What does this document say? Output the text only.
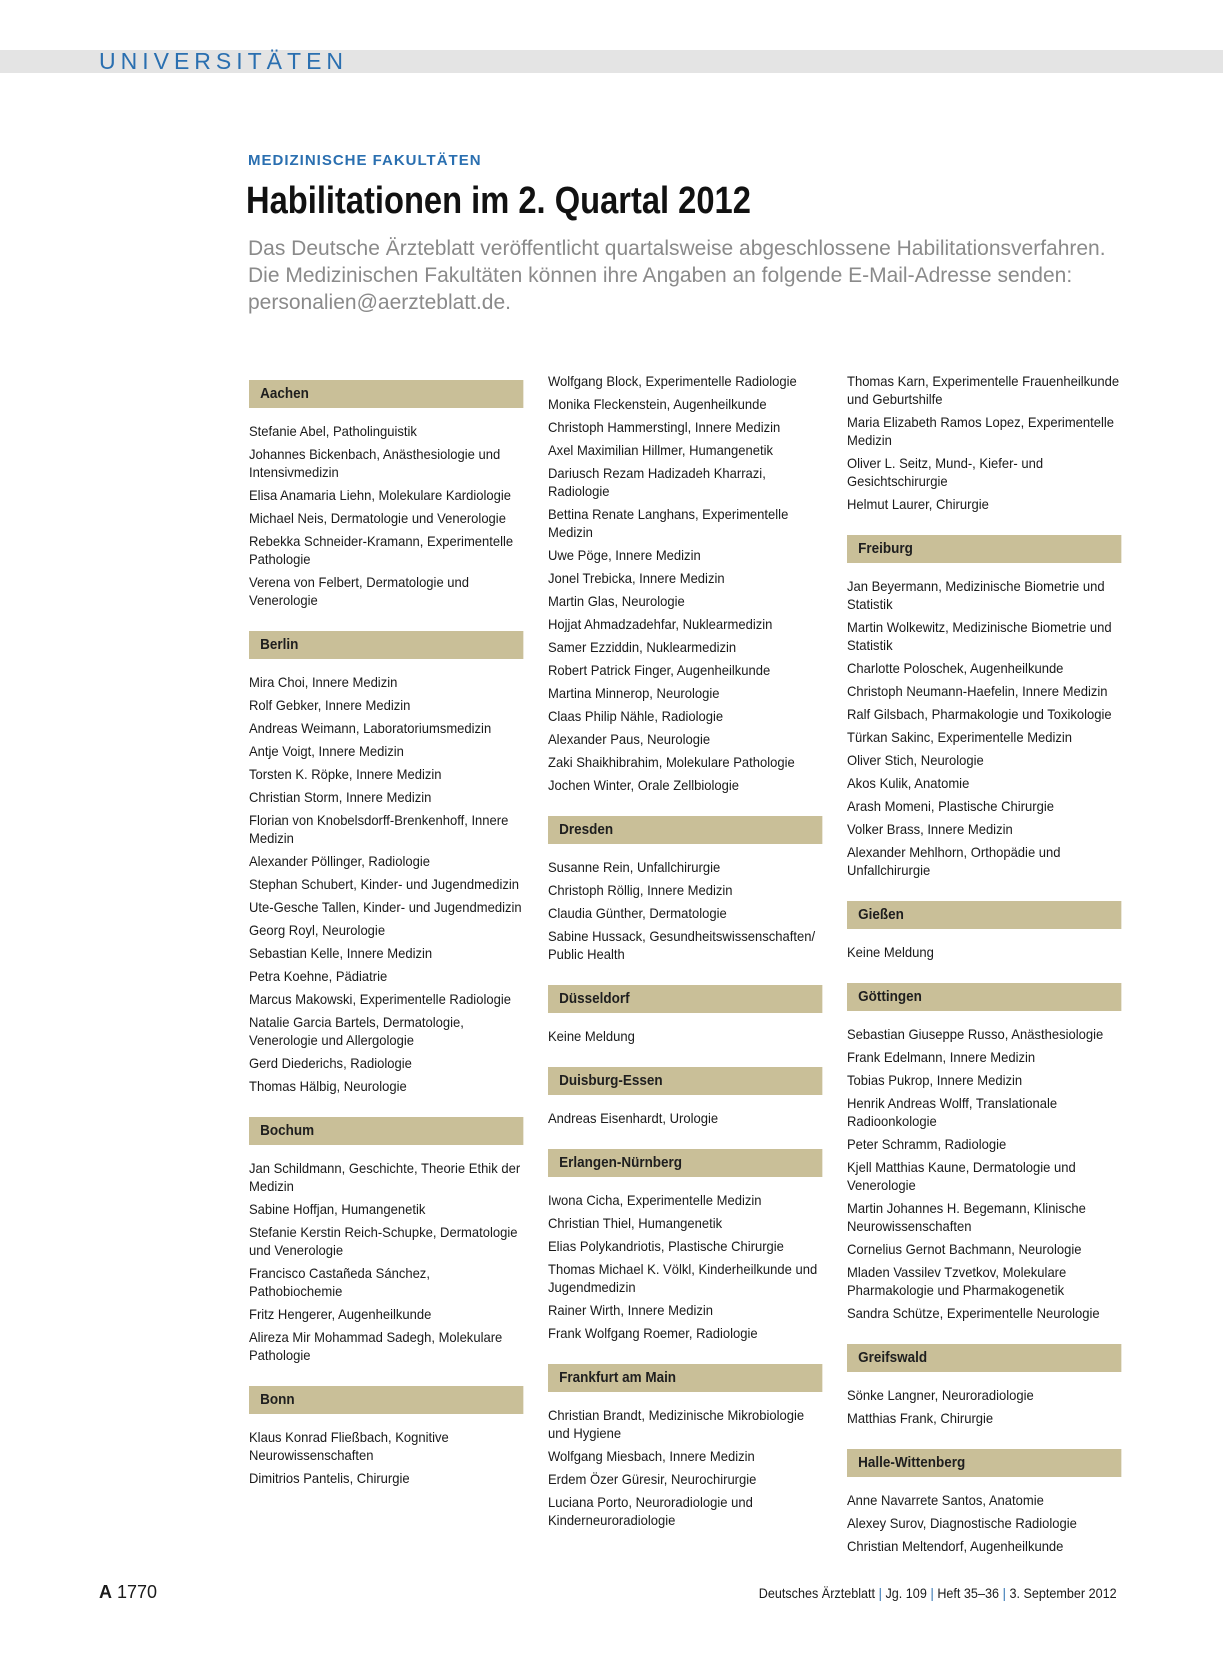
UNIVERSITÄTEN
MEDIZINISCHE FAKULTÄTEN
Habilitationen im 2. Quartal 2012
Das Deutsche Ärzteblatt veröffentlicht quartalsweise abgeschlossene Habilitationsverfahren. Die Medizinischen Fakultäten können ihre Angaben an folgende E-Mail-Adresse senden: personalien@aerzteblatt.de.
Aachen
Stefanie Abel, Patholinguistik
Johannes Bickenbach, Anästhesiologie und Intensivmedizin
Elisa Anamaria Liehn, Molekulare Kardiologie
Michael Neis, Dermatologie und Venerologie
Rebekka Schneider-Kramann, Experimentelle Pathologie
Verena von Felbert, Dermatologie und Venerologie
Berlin
Mira Choi, Innere Medizin
Rolf Gebker, Innere Medizin
Andreas Weimann, Laboratoriumsmedizin
Antje Voigt, Innere Medizin
Torsten K. Röpke, Innere Medizin
Christian Storm, Innere Medizin
Florian von Knobelsdorff-Brenkenhoff, Innere Medizin
Alexander Pöllinger, Radiologie
Stephan Schubert, Kinder- und Jugendmedizin
Ute-Gesche Tallen, Kinder- und Jugendmedizin
Georg Royl, Neurologie
Sebastian Kelle, Innere Medizin
Petra Koehne, Pädiatrie
Marcus Makowski, Experimentelle Radiologie
Natalie Garcia Bartels, Dermatologie, Venerologie und Allergologie
Gerd Diederichs, Radiologie
Thomas Hälbig, Neurologie
Bochum
Jan Schildmann, Geschichte, Theorie Ethik der Medizin
Sabine Hoffjan, Humangenetik
Stefanie Kerstin Reich-Schupke, Dermatologie und Venerologie
Francisco Castañeda Sánchez, Pathobiochemie
Fritz Hengerer, Augenheilkunde
Alireza Mir Mohammad Sadegh, Molekulare Pathologie
Bonn
Klaus Konrad Fließbach, Kognitive Neurowissenschaften
Dimitrios Pantelis, Chirurgie
Wolfgang Block, Experimentelle Radiologie
Monika Fleckenstein, Augenheilkunde
Christoph Hammerstingl, Innere Medizin
Axel Maximilian Hillmer, Humangenetik
Dariusch Rezam Hadizadeh Kharrazi, Radiologie
Bettina Renate Langhans, Experimentelle Medizin
Uwe Pöge, Innere Medizin
Jonel Trebicka, Innere Medizin
Martin Glas, Neurologie
Hojjat Ahmadzadehfar, Nuklearmedizin
Samer Ezziddin, Nuklearmedizin
Robert Patrick Finger, Augenheilkunde
Martina Minnerop, Neurologie
Claas Philip Nähle, Radiologie
Alexander Paus, Neurologie
Zaki Shaikhibrahim, Molekulare Pathologie
Jochen Winter, Orale Zellbiologie
Dresden
Susanne Rein, Unfallchirurgie
Christoph Röllig, Innere Medizin
Claudia Günther, Dermatologie
Sabine Hussack, Gesundheitswissenschaften/ Public Health
Düsseldorf
Keine Meldung
Duisburg-Essen
Andreas Eisenhardt, Urologie
Erlangen-Nürnberg
Iwona Cicha, Experimentelle Medizin
Christian Thiel, Humangenetik
Elias Polykandriotis, Plastische Chirurgie
Thomas Michael K. Völkl, Kinderheilkunde und Jugendmedizin
Rainer Wirth, Innere Medizin
Frank Wolfgang Roemer, Radiologie
Frankfurt am Main
Christian Brandt, Medizinische Mikrobiologie und Hygiene
Wolfgang Miesbach, Innere Medizin
Erdem Özer Güresir, Neurochirurgie
Luciana Porto, Neuroradiologie und Kinderneuroradiologie
Thomas Karn, Experimentelle Frauenheilkunde und Geburtshilfe
Maria Elizabeth Ramos Lopez, Experimentelle Medizin
Oliver L. Seitz, Mund-, Kiefer- und Gesichtschirurgie
Helmut Laurer, Chirurgie
Freiburg
Jan Beyermann, Medizinische Biometrie und Statistik
Martin Wolkewitz, Medizinische Biometrie und Statistik
Charlotte Poloschek, Augenheilkunde
Christoph Neumann-Haefelin, Innere Medizin
Ralf Gilsbach, Pharmakologie und Toxikologie
Türkan Sakinc, Experimentelle Medizin
Oliver Stich, Neurologie
Akos Kulik, Anatomie
Arash Momeni, Plastische Chirurgie
Volker Brass, Innere Medizin
Alexander Mehlhorn, Orthopädie und Unfallchirurgie
Gießen
Keine Meldung
Göttingen
Sebastian Giuseppe Russo, Anästhesiologie
Frank Edelmann, Innere Medizin
Tobias Pukrop, Innere Medizin
Henrik Andreas Wolff, Translationale Radioonkologie
Peter Schramm, Radiologie
Kjell Matthias Kaune, Dermatologie und Venerologie
Martin Johannes H. Begemann, Klinische Neurowissenschaften
Cornelius Gernot Bachmann, Neurologie
Mladen Vassilev Tzvetkov, Molekulare Pharmakologie und Pharmakogenetik
Sandra Schütze, Experimentelle Neurologie
Greifswald
Sönke Langner, Neuroradiologie
Matthias Frank, Chirurgie
Halle-Wittenberg
Anne Navarrete Santos, Anatomie
Alexey Surov, Diagnostische Radiologie
Christian Meltendorf, Augenheilkunde
A 1770	Deutsches Ärzteblatt | Jg. 109 | Heft 35–36 | 3. September 2012
